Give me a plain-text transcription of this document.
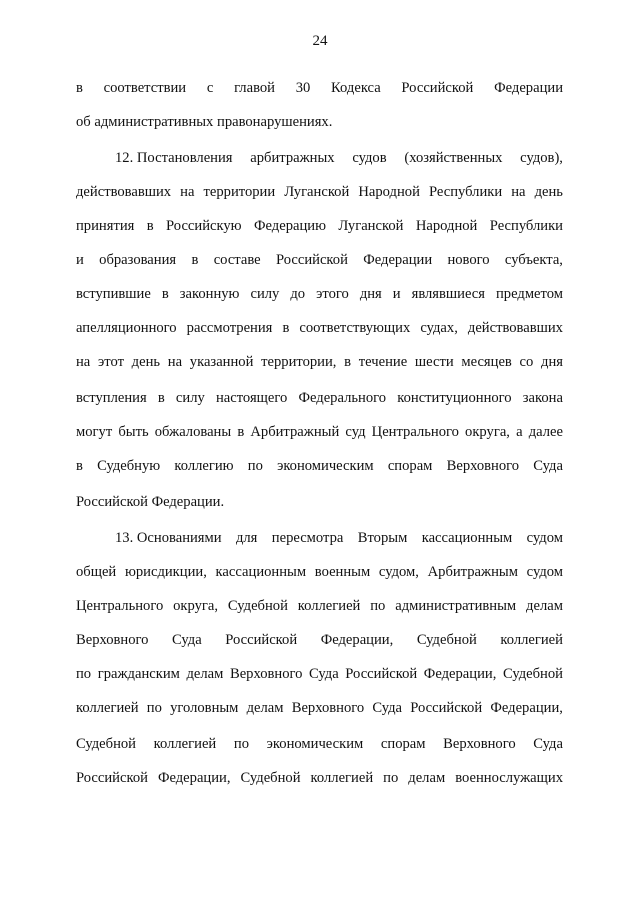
24
в соответствии с главой 30 Кодекса Российской Федерации
об административных правонарушениях.
12. Постановления арбитражных судов (хозяйственных судов),
действовавших на территории Луганской Народной Республики на день
принятия в Российскую Федерацию Луганской Народной Республики
и образования в составе Российской Федерации нового субъекта,
вступившие в законную силу до этого дня и являвшиеся предметом
апелляционного рассмотрения в соответствующих судах, действовавших
на этот день на указанной территории, в течение шести месяцев со дня
вступления в силу настоящего Федерального конституционного закона
могут быть обжалованы в Арбитражный суд Центрального округа, а далее
в Судебную коллегию по экономическим спорам Верховного Суда
Российской Федерации.
13. Основаниями для пересмотра Вторым кассационным судом
общей юрисдикции, кассационным военным судом, Арбитражным судом
Центрального округа, Судебной коллегией по административным делам
Верховного Суда Российской Федерации, Судебной коллегией
по гражданским делам Верховного Суда Российской Федерации, Судебной
коллегией по уголовным делам Верховного Суда Российской Федерации,
Судебной коллегией по экономическим спорам Верховного Суда
Российской Федерации, Судебной коллегией по делам военнослужащих
